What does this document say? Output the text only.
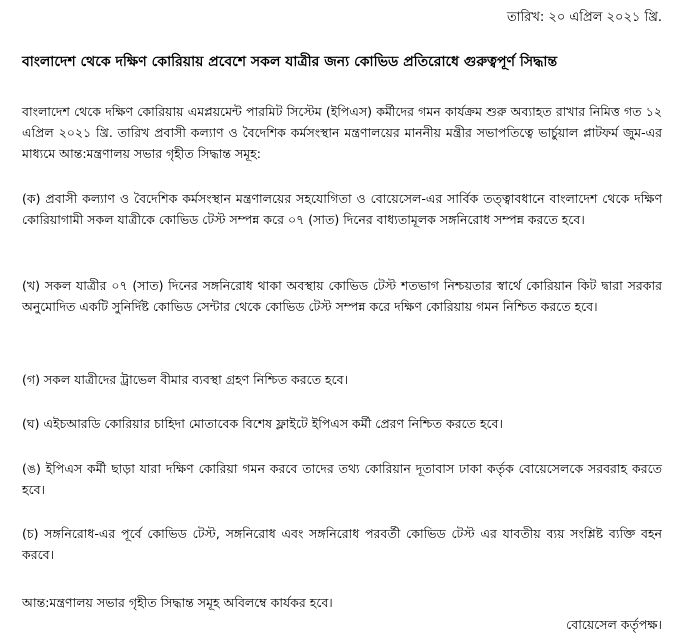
তারিখ: ২০ এপ্রিল ২০২১ খ্রি.
বাংলাদেশ থেকে দক্ষিণ কোরিয়ায় প্রবেশে সকল যাত্রীর জন্য কোভিড প্রতিরোধে গুরুত্বপূর্ণ সিদ্ধান্ত
বাংলাদেশ থেকে দক্ষিণ কোরিয়ায় এমপ্লয়মেন্ট পারমিট সিস্টেম (ইপিএস) কর্মীদের গমন কার্যক্রম শুরু অব্যাহত রাখার নিমিত্ত গত ১২ এপ্রিল ২০২১ খ্রি. তারিখ প্রবাসী কল্যাণ ও বৈদেশিক কর্মসংস্থান মন্ত্রণালয়ের মাননীয় মন্ত্রীর সভাপতিত্বে ভার্চুয়াল প্লাটফর্ম জুম-এর মাধ্যমে আন্ত:মন্ত্রণালয় সভার গৃহীত সিদ্ধান্ত সমূহ:
(ক) প্রবাসী কল্যাণ ও বৈদেশিক কর্মসংস্থান মন্ত্রণালয়ের সহযোগিতা ও বোয়েসেল-এর সার্বিক তত্ত্বাবধানে বাংলাদেশ থেকে দক্ষিণ কোরিয়াগামী সকল যাত্রীকে কোভিড টেস্ট সম্পন্ন করে ০৭ (সাত) দিনের বাধ্যতামূলক সঙ্গনিরোধ সম্পন্ন করতে হবে।
(খ) সকল যাত্রীর ০৭ (সাত) দিনের সঙ্গনিরোধ থাকা অবস্থায় কোভিড টেস্ট শতভাগ নিশ্চয়তার স্বার্থে কোরিয়ান কিট দ্বারা সরকার অনুমোদিত একটি সুনির্দিষ্ট কোভিড সেন্টার থেকে কোভিড টেস্ট সম্পন্ন করে দক্ষিণ কোরিয়ায় গমন নিশ্চিত করতে হবে।
(গ) সকল যাত্রীদের ট্রাভেল বীমার ব্যবস্থা গ্রহণ নিশ্চিত করতে হবে।
(ঘ) এইচআরডি কোরিয়ার চাহিদা মোতাবেক বিশেষ ফ্লাইটে ইপিএস কর্মী প্রেরণ নিশ্চিত করতে হবে।
(ঙ) ইপিএস কর্মী ছাড়া যারা দক্ষিণ কোরিয়া গমন করবে তাদের তথ্য কোরিয়ান দূতাবাস ঢাকা কর্তৃক বোয়েসেলকে সরবরাহ করতে হবে।
(চ) সঙ্গনিরোধ-এর পূর্বে কোভিড টেস্ট, সঙ্গনিরোধ এবং সঙ্গনিরোধ পরবর্তী কোভিড টেস্ট এর যাবতীয় ব্যয় সংশ্লিষ্ট ব্যক্তি বহন করবে।
আন্ত:মন্ত্রণালয় সভার গৃহীত সিদ্ধান্ত সমূহ অবিলম্বে কার্যকর হবে।
বোয়েসেল কর্তৃপক্ষ।
